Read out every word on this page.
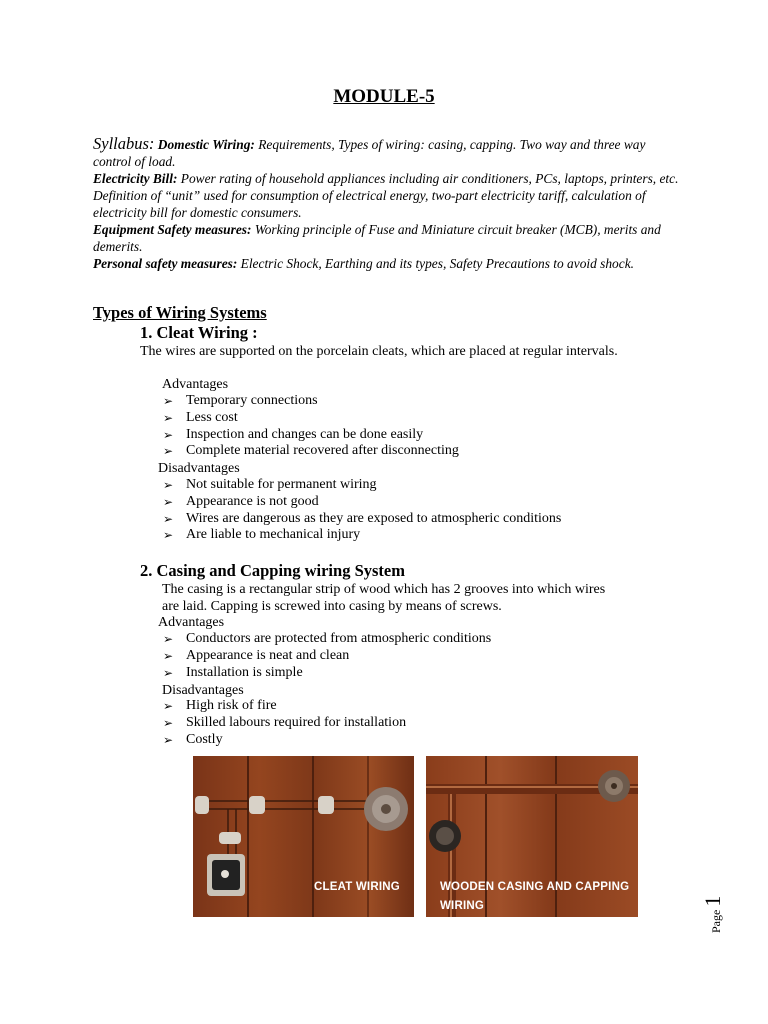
MODULE-5
Syllabus: Domestic Wiring: Requirements, Types of wiring: casing, capping. Two way and three way control of load.
Electricity Bill: Power rating of household appliances including air conditioners, PCs, laptops, printers, etc. Definition of “unit” used for consumption of electrical energy, two-part electricity tariff, calculation of electricity bill for domestic consumers.
Equipment Safety measures: Working principle of Fuse and Miniature circuit breaker (MCB), merits and demerits.
Personal safety measures: Electric Shock, Earthing and its types, Safety Precautions to avoid shock.
Types of Wiring Systems
1. Cleat Wiring :
The wires are supported on the porcelain cleats, which are placed at regular intervals.
Advantages
➢ Temporary connections
➢ Less cost
➢ Inspection and changes can be done easily
➢ Complete material recovered after disconnecting
Disadvantages
➢ Not suitable for permanent wiring
➢ Appearance is not good
➢ Wires are dangerous as they are exposed to atmospheric conditions
➢ Are liable to mechanical injury
2. Casing and Capping wiring System
The casing is a rectangular strip of wood which has 2 grooves into which wires
are laid. Capping is screwed into casing by means of screws.
Advantages
➢ Conductors are protected from atmospheric conditions
➢ Appearance is neat and clean
➢ Installation is simple
Disadvantages
➢ High risk of fire
➢ Skilled labours required for installation
➢ Costly
CLEAT WIRING	WOODEN CASING AND CAPPING
WIRING
Page 1
